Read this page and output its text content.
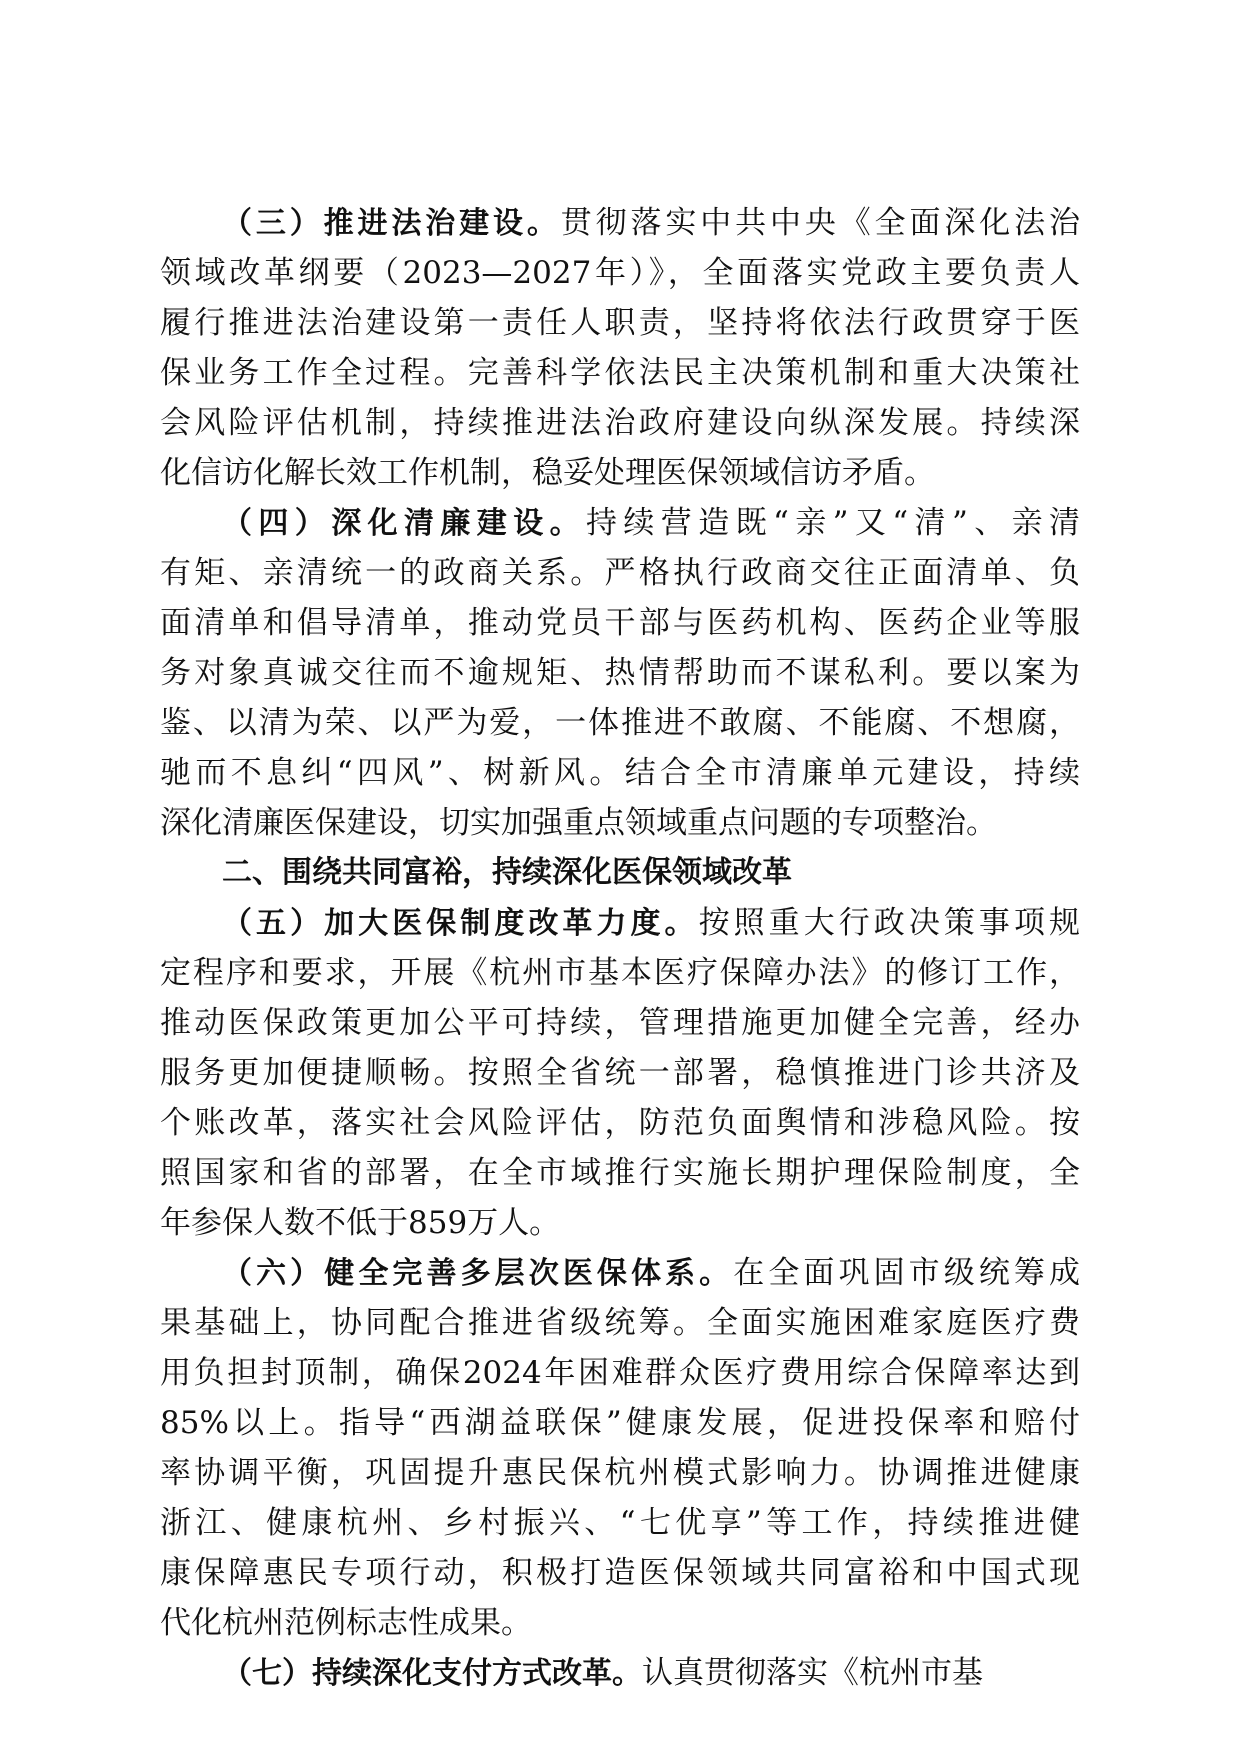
（三）推进法治建设。贯彻落实中共中央《全面深化法治
领域改革纲要（2023—2027年）》，全面落实党政主要负责人
履行推进法治建设第一责任人职责，坚持将依法行政贯穿于医
保业务工作全过程。完善科学依法民主决策机制和重大决策社
会风险评估机制，持续推进法治政府建设向纵深发展。持续深
化信访化解长效工作机制，稳妥处理医保领域信访矛盾。
（四）深化清廉建设。持续营造既“亲”又“清”、亲清
有矩、亲清统一的政商关系。严格执行政商交往正面清单、负
面清单和倡导清单，推动党员干部与医药机构、医药企业等服
务对象真诚交往而不逾规矩、热情帮助而不谋私利。要以案为
鉴、以清为荣、以严为爱，一体推进不敢腐、不能腐、不想腐，
驰而不息纠“四风”、树新风。结合全市清廉单元建设，持续
深化清廉医保建设，切实加强重点领域重点问题的专项整治。
二、围绕共同富裕，持续深化医保领域改革
（五）加大医保制度改革力度。按照重大行政决策事项规
定程序和要求，开展《杭州市基本医疗保障办法》的修订工作，
推动医保政策更加公平可持续，管理措施更加健全完善，经办
服务更加便捷顺畅。按照全省统一部署，稳慎推进门诊共济及
个账改革，落实社会风险评估，防范负面舆情和涉稳风险。按
照国家和省的部署，在全市域推行实施长期护理保险制度，全
年参保人数不低于859万人。
（六）健全完善多层次医保体系。在全面巩固市级统筹成
果基础上，协同配合推进省级统筹。全面实施困难家庭医疗费
用负担封顶制，确保2024年困难群众医疗费用综合保障率达到
85%以上。指导“西湖益联保”健康发展，促进投保率和赔付
率协调平衡，巩固提升惠民保杭州模式影响力。协调推进健康
浙江、健康杭州、乡村振兴、“七优享”等工作，持续推进健
康保障惠民专项行动，积极打造医保领域共同富裕和中国式现
代化杭州范例标志性成果。
（七）持续深化支付方式改革。认真贯彻落实《杭州市基
